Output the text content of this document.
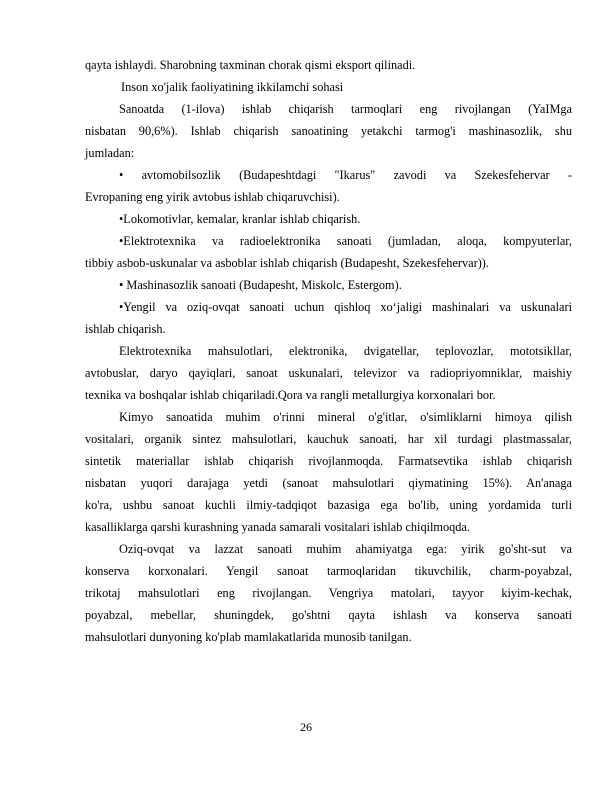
qayta ishlaydi. Sharobning taxminan chorak qismi eksport qilinadi.
Inson xo'jalik faoliyatining ikkilamchi sohasi
Sanoatda (1-ilova) ishlab chiqarish tarmoqlari eng rivojlangan (YaIMga
nisbatan 90,6%). Ishlab chiqarish sanoatining yetakchi tarmog'i mashinasozlik, shu
jumladan:
• avtomobilsozlik (Budapeshtdagi "Ikarus" zavodi va Szekesfehervar -
Evropaning eng yirik avtobus ishlab chiqaruvchisi).
•Lokomotivlar, kemalar, kranlar ishlab chiqarish.
•Elektrotexnika va radioelektronika sanoati (jumladan, aloqa, kompyuterlar,
tibbiy asbob-uskunalar va asboblar ishlab chiqarish (Budapesht, Szekesfehervar)).
• Mashinasozlik sanoati (Budapesht, Miskolc, Estergom).
•Yengil va oziq-ovqat sanoati uchun qishloq xo‘jaligi mashinalari va uskunalari
ishlab chiqarish.
Elektrotexnika mahsulotlari, elektronika, dvigatellar, teplovozlar, mototsikllar,
avtobuslar, daryo qayiqlari, sanoat uskunalari, televizor va radiopriyomniklar, maishiy
texnika va boshqalar ishlab chiqariladi.Qora va rangli metallurgiya korxonalari bor.
Kimyo sanoatida muhim o'rinni mineral o'g'itlar, o'simliklarni himoya qilish
vositalari, organik sintez mahsulotlari, kauchuk sanoati, har xil turdagi plastmassalar,
sintetik materiallar ishlab chiqarish rivojlanmoqda. Farmatsevtika ishlab chiqarish
nisbatan yuqori darajaga yetdi (sanoat mahsulotlari qiymatining 15%). An'anaga
ko'ra, ushbu sanoat kuchli ilmiy-tadqiqot bazasiga ega bo'lib, uning yordamida turli
kasalliklarga qarshi kurashning yanada samarali vositalari ishlab chiqilmoqda.
Oziq-ovqat va lazzat sanoati muhim ahamiyatga ega: yirik go'sht-sut va
konserva korxonalari. Yengil sanoat tarmoqlaridan tikuvchilik, charm-poyabzal,
trikotaj mahsulotlari eng rivojlangan. Vengriya matolari, tayyor kiyim-kechak,
poyabzal, mebellar, shuningdek, go'shtni qayta ishlash va konserva sanoati
mahsulotlari dunyoning ko'plab mamlakatlarida munosib tanilgan.
26
